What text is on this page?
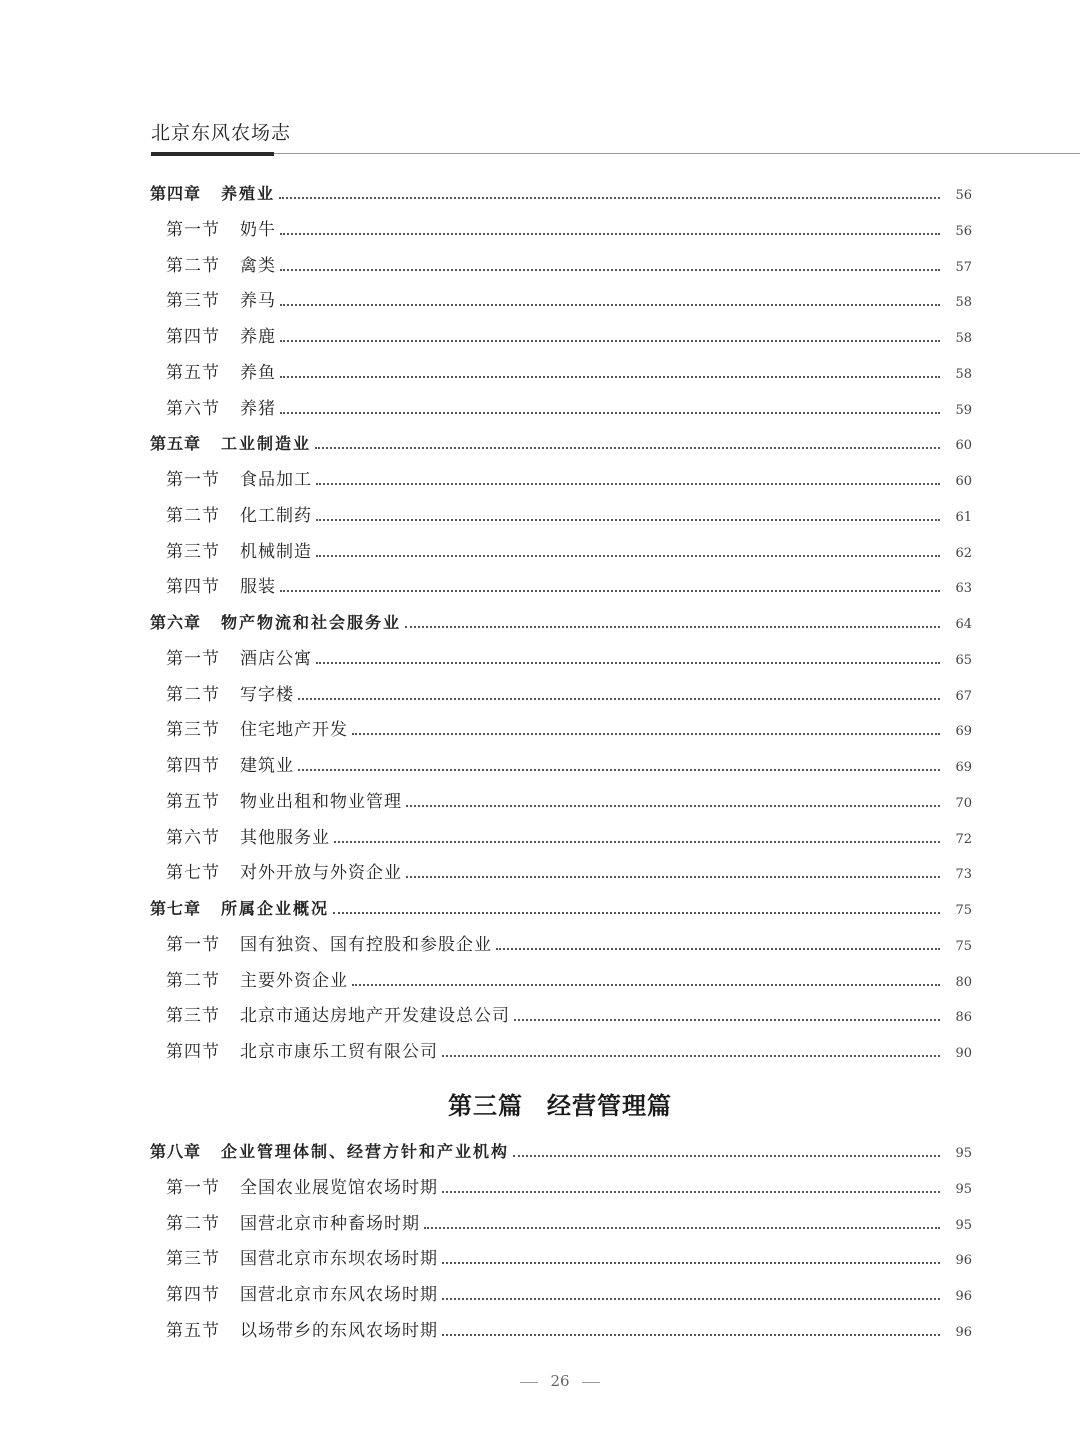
北京东风农场志
第四章 养殖业	56
第一节 奶牛	56
第二节 禽类	57
第三节 养马	58
第四节 养鹿	58
第五节 养鱼	58
第六节 养猪	59
第五章 工业制造业	60
第一节 食品加工	60
第二节 化工制药	61
第三节 机械制造	62
第四节 服装	63
第六章 物产物流和社会服务业	64
第一节 酒店公寓	65
第二节 写字楼	67
第三节 住宅地产开发	69
第四节 建筑业	69
第五节 物业出租和物业管理	70
第六节 其他服务业	72
第七节 对外开放与外资企业	73
第七章 所属企业概况	75
第一节 国有独资、国有控股和参股企业	75
第二节 主要外资企业	80
第三节 北京市通达房地产开发建设总公司	86
第四节 北京市康乐工贸有限公司	90
第三篇 经营管理篇
第八章 企业管理体制、经营方针和产业机构	95
第一节 全国农业展览馆农场时期	95
第二节 国营北京市种畜场时期	95
第三节 国营北京市东坝农场时期	96
第四节 国营北京市东风农场时期	96
第五节 以场带乡的东风农场时期	96
26
